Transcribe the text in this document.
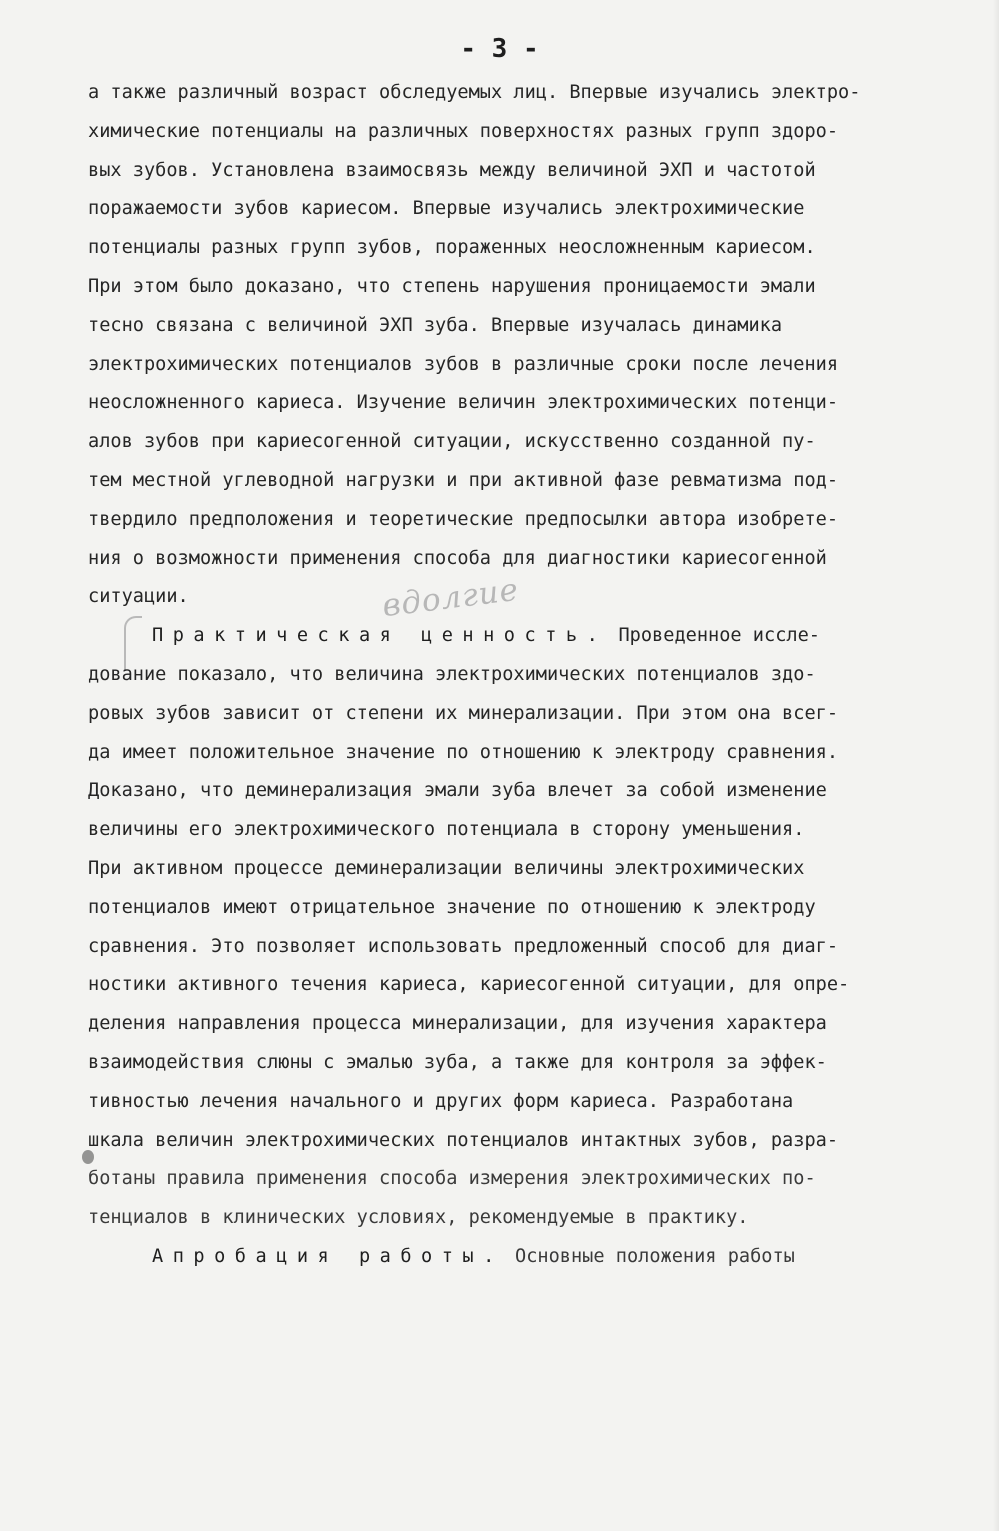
- 3 -
вдолгие
а также различный возраст обследуемых лиц. Впервые изучались электро-
химические потенциалы на различных поверхностях разных групп здоро-
вых зубов. Установлена взаимосвязь между величиной ЭХП и частотой
поражаемости зубов кариесом. Впервые изучались электрохимические
потенциалы разных групп зубов, пораженных неосложненным кариесом.
При этом было доказано, что степень нарушения проницаемости эмали
тесно связана с величиной ЭХП зуба. Впервые изучалась динамика
электрохимических потенциалов зубов в различные сроки после лечения
неосложненного кариеса. Изучение величин электрохимических потенци-
алов зубов при кариесогенной ситуации, искусственно созданной пу-
тем местной углеводной нагрузки и при активной фазе ревматизма под-
твердило предположения и теоретические предпосылки автора изобрете-
ния о возможности применения способа для диагностики кариесогенной
ситуации.
Практическая ценность. Проведенное иссле-
дование показало, что величина электрохимических потенциалов здо-
ровых зубов зависит от степени их минерализации. При этом она всег-
да имеет положительное значение по отношению к электроду сравнения.
Доказано, что деминерализация эмали зуба влечет за собой изменение
величины его электрохимического потенциала в сторону уменьшения.
При активном процессе деминерализации величины электрохимических
потенциалов имеют отрицательное значение по отношению к электроду
сравнения. Это позволяет использовать предложенный способ для диаг-
ностики активного течения кариеса, кариесогенной ситуации, для опре-
деления направления процесса минерализации, для изучения характера
взаимодействия слюны с эмалью зуба, а также для контроля за эффек-
тивностью лечения начального и других форм кариеса. Разработана
шкала величин электрохимических потенциалов интактных зубов, разра-
ботаны правила применения способа измерения электрохимических по-
тенциалов в клинических условиях, рекомендуемые в практику.
Апробация работы. Основные положения работы
